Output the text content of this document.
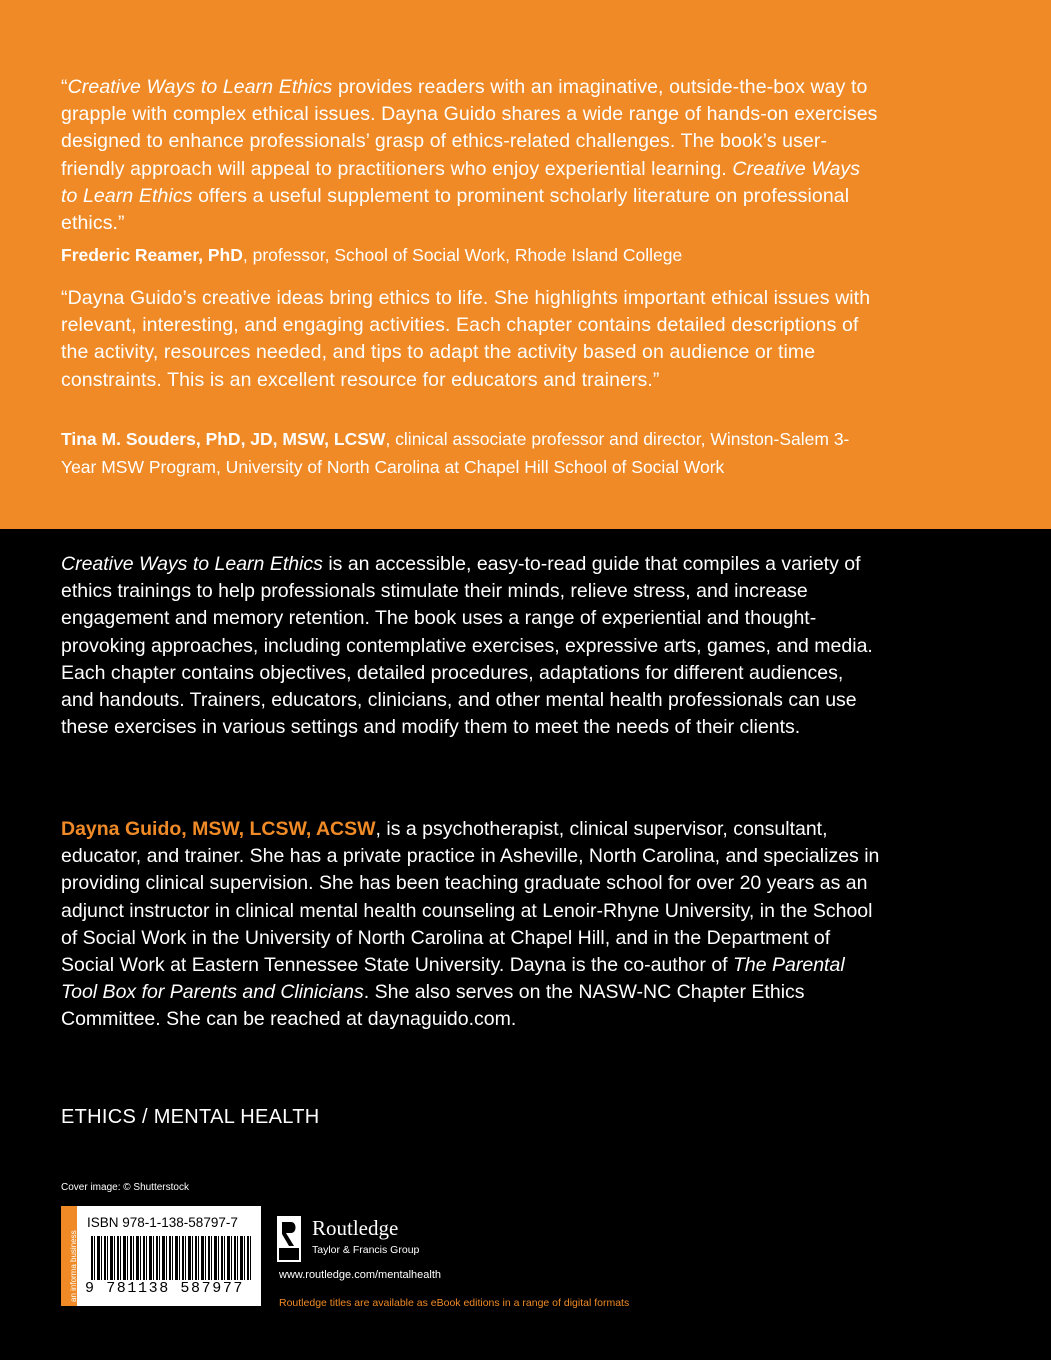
“Creative Ways to Learn Ethics provides readers with an imaginative, outside-the-box way to grapple with complex ethical issues. Dayna Guido shares a wide range of hands-on exercises designed to enhance professionals’ grasp of ethics-related challenges. The book’s user-friendly approach will appeal to practitioners who enjoy experiential learning. Creative Ways to Learn Ethics offers a useful supplement to prominent scholarly literature on professional ethics.”
Frederic Reamer, PhD, professor, School of Social Work, Rhode Island College
“Dayna Guido’s creative ideas bring ethics to life. She highlights important ethical issues with relevant, interesting, and engaging activities. Each chapter contains detailed descriptions of the activity, resources needed, and tips to adapt the activity based on audience or time constraints. This is an excellent resource for educators and trainers.”
Tina M. Souders, PhD, JD, MSW, LCSW, clinical associate professor and director, Winston-Salem 3-Year MSW Program, University of North Carolina at Chapel Hill School of Social Work
Creative Ways to Learn Ethics is an accessible, easy-to-read guide that compiles a variety of ethics trainings to help professionals stimulate their minds, relieve stress, and increase engagement and memory retention. The book uses a range of experiential and thought-provoking approaches, including contemplative exercises, expressive arts, games, and media. Each chapter contains objectives, detailed procedures, adaptations for different audiences, and handouts. Trainers, educators, clinicians, and other mental health professionals can use these exercises in various settings and modify them to meet the needs of their clients.
Dayna Guido, MSW, LCSW, ACSW, is a psychotherapist, clinical supervisor, consultant, educator, and trainer. She has a private practice in Asheville, North Carolina, and specializes in providing clinical supervision. She has been teaching graduate school for over 20 years as an adjunct instructor in clinical mental health counseling at Lenoir-Rhyne University, in the School of Social Work in the University of North Carolina at Chapel Hill, and in the Department of Social Work at Eastern Tennessee State University. Dayna is the co-author of The Parental Tool Box for Parents and Clinicians. She also serves on the NASW-NC Chapter Ethics Committee. She can be reached at daynaguido.com.
ETHICS / MENTAL HEALTH
Cover image: © Shutterstock
an informa business
ISBN 978-1-138-58797-7
9 781138 587977
Routledge
Taylor & Francis Group
www.routledge.com/mentalhealth
Routledge titles are available as eBook editions in a range of digital formats
